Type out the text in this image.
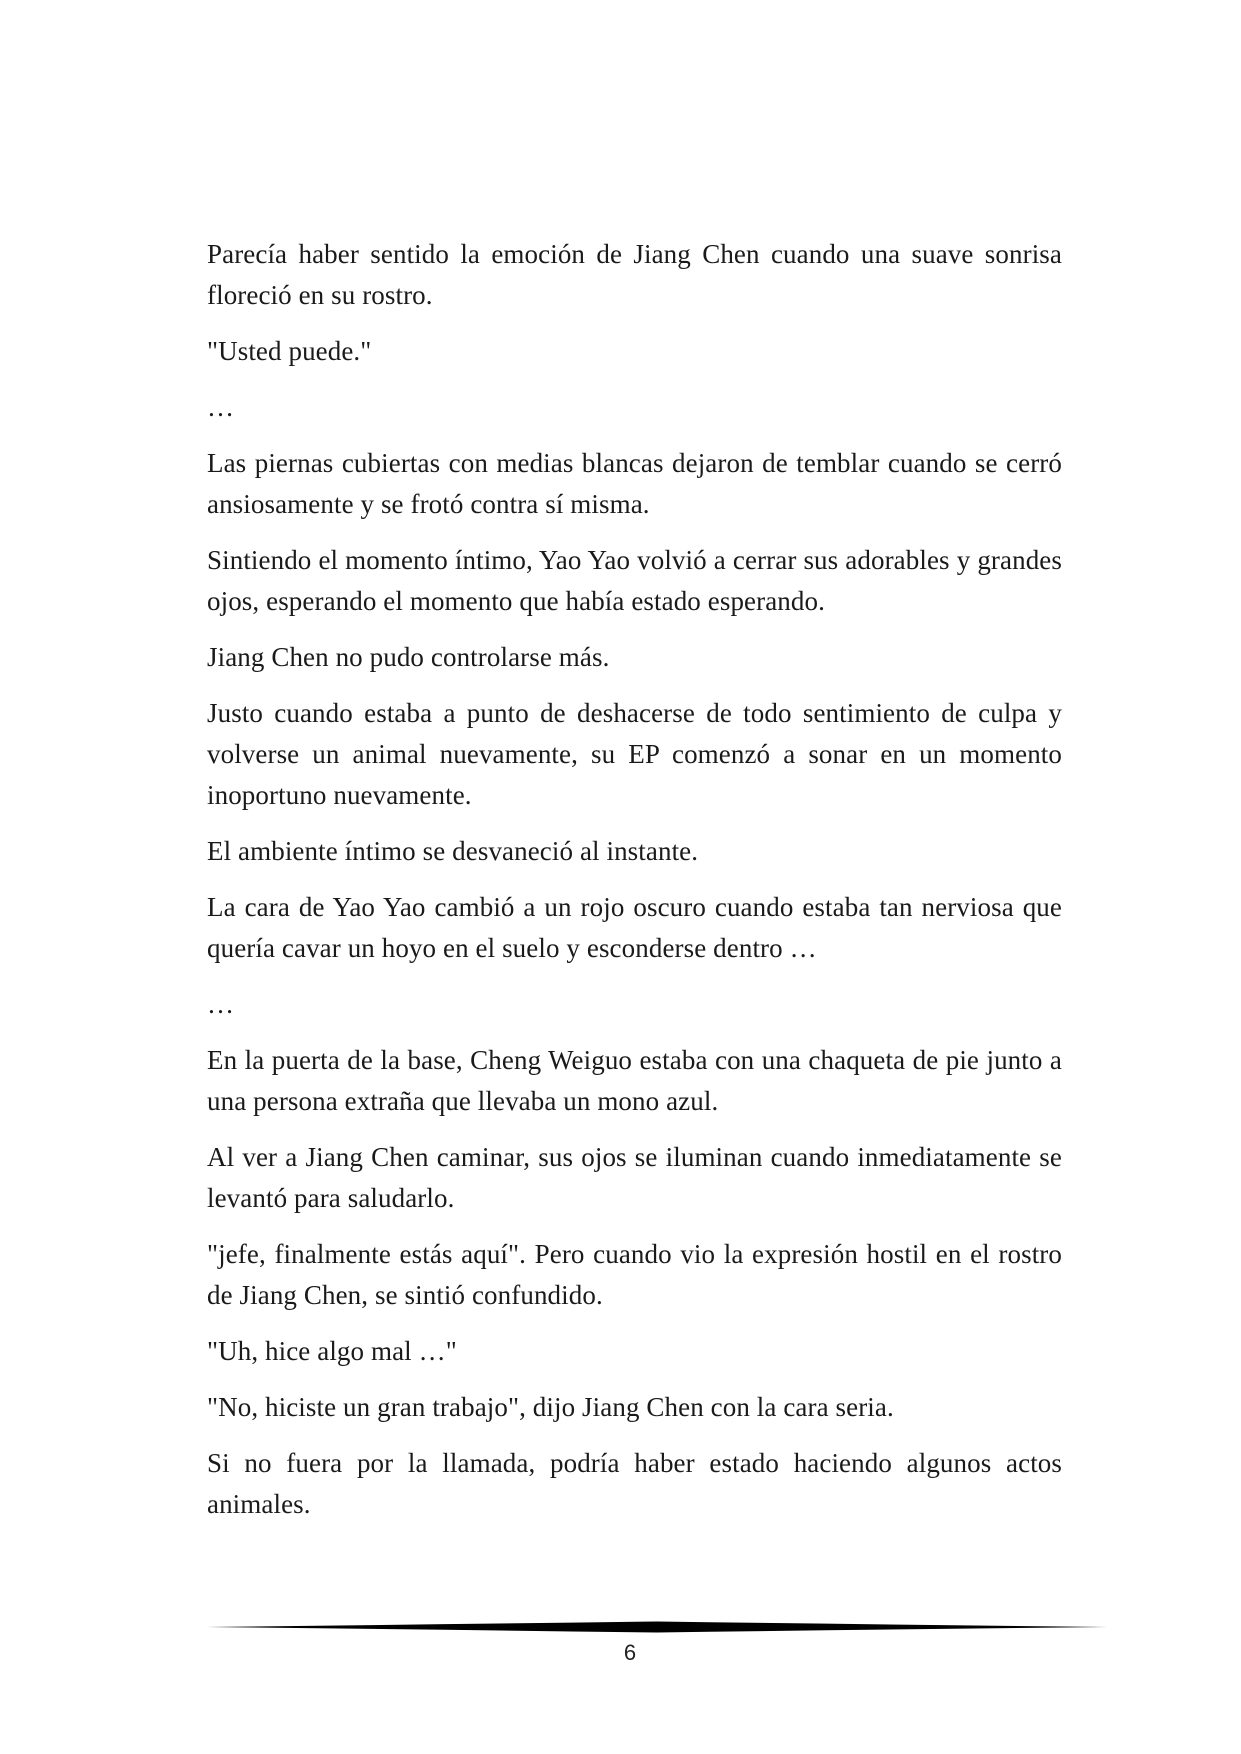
Parecía haber sentido la emoción de Jiang Chen cuando una suave sonrisa floreció en su rostro.

"Usted puede."

…

Las piernas cubiertas con medias blancas dejaron de temblar cuando se cerró ansiosamente y se frotó contra sí misma.

Sintiendo el momento íntimo, Yao Yao volvió a cerrar sus adorables y grandes ojos, esperando el momento que había estado esperando.

Jiang Chen no pudo controlarse más.

Justo cuando estaba a punto de deshacerse de todo sentimiento de culpa y volverse un animal nuevamente, su EP comenzó a sonar en un momento inoportuno nuevamente.

El ambiente íntimo se desvaneció al instante.

La cara de Yao Yao cambió a un rojo oscuro cuando estaba tan nerviosa que quería cavar un hoyo en el suelo y esconderse dentro …

…

En la puerta de la base, Cheng Weiguo estaba con una chaqueta de pie junto a una persona extraña que llevaba un mono azul.

Al ver a Jiang Chen caminar, sus ojos se iluminan cuando inmediatamente se levantó para saludarlo.

"jefe, finalmente estás aquí". Pero cuando vio la expresión hostil en el rostro de Jiang Chen, se sintió confundido.

"Uh, hice algo mal …"

"No, hiciste un gran trabajo", dijo Jiang Chen con la cara seria.

Si no fuera por la llamada, podría haber estado haciendo algunos actos animales.

6
